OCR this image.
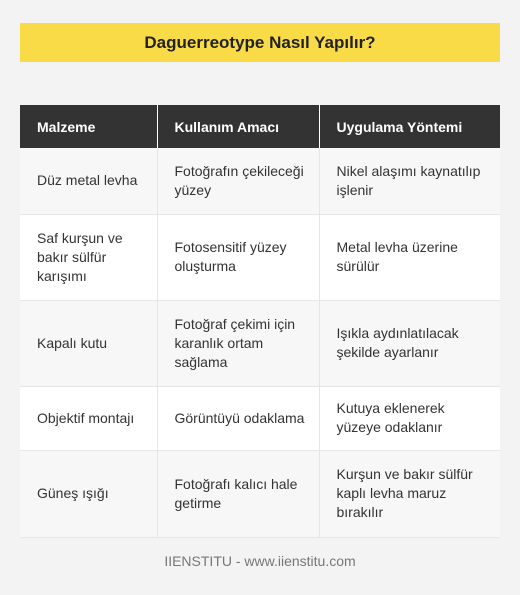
Daguerreotype Nasıl Yapılır?
Malzeme	Kullanım Amacı	Uygulama Yöntemi
Düz metal levha	Fotoğrafın çekileceği yüzey	Nikel alaşımı kaynatılıp işlenir
Saf kurşun ve bakır sülfür karışımı	Fotosensitif yüzey oluşturma	Metal levha üzerine sürülür
Kapalı kutu	Fotoğraf çekimi için karanlık ortam sağlama	Işıkla aydınlatılacak şekilde ayarlanır
Objektif montajı	Görüntüyü odaklama	Kutuya eklenerek yüzeye odaklanır
Güneş ışığı	Fotoğrafı kalıcı hale getirme	Kurşun ve bakır sülfür kaplı levha maruz bırakılır
IIENSTITU - www.iienstitu.com
